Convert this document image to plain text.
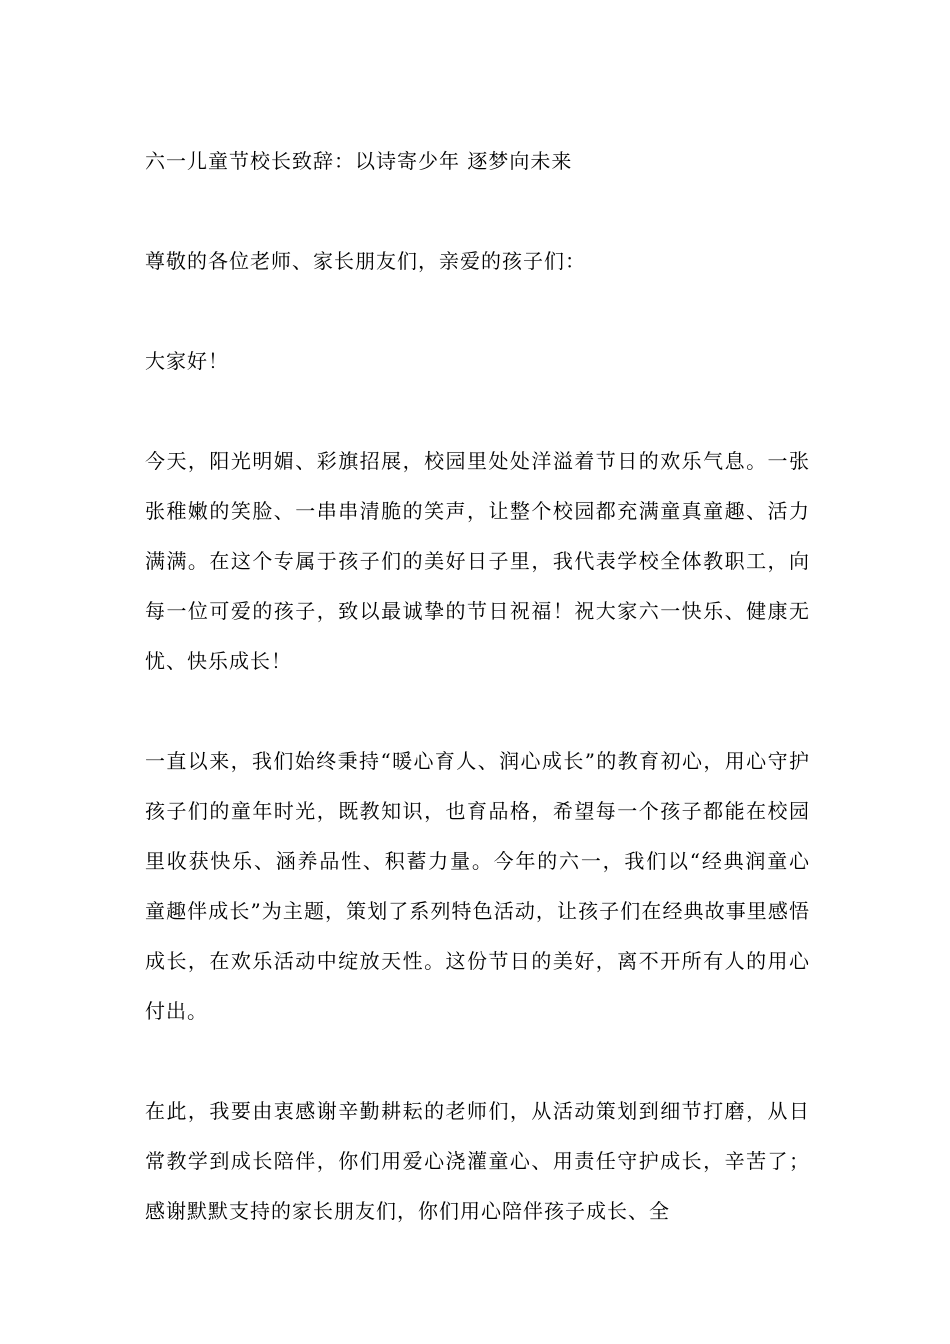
六一儿童节校长致辞：以诗寄少年 逐梦向未来

尊敬的各位老师、家长朋友们，亲爱的孩子们：

大家好！

今天，阳光明媚、彩旗招展，校园里处处洋溢着节日的欢乐气息。一张张稚嫩的笑脸、一串串清脆的笑声，让整个校园都充满童真童趣、活力满满。在这个专属于孩子们的美好日子里，我代表学校全体教职工，向每一位可爱的孩子，致以最诚挚的节日祝福！祝大家六一快乐、健康无忧、快乐成长！

一直以来，我们始终秉持“暖心育人、润心成长”的教育初心，用心守护孩子们的童年时光，既教知识，也育品格，希望每一个孩子都能在校园里收获快乐、涵养品性、积蓄力量。今年的六一，我们以“经典润童心 童趣伴成长”为主题，策划了系列特色活动，让孩子们在经典故事里感悟成长，在欢乐活动中绽放天性。这份节日的美好，离不开所有人的用心付出。

在此，我要由衷感谢辛勤耕耘的老师们，从活动策划到细节打磨，从日常教学到成长陪伴，你们用爱心浇灌童心、用责任守护成长，辛苦了；感谢默默支持的家长朋友们，你们用心陪伴孩子成长、全
